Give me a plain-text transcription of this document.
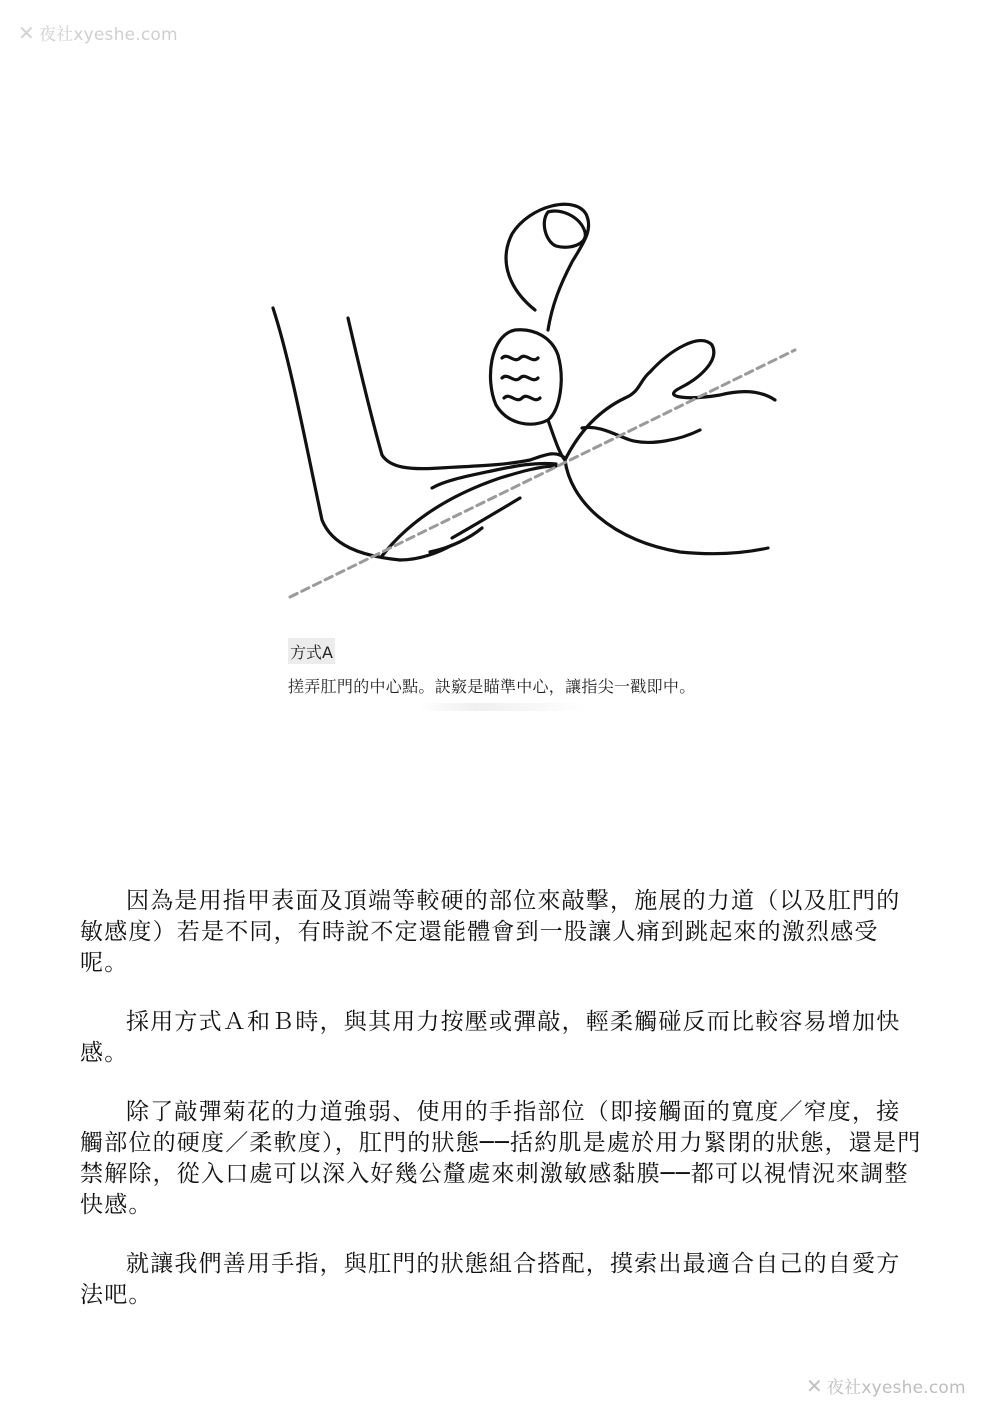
✕ 夜社xyeshe.com
方式A
搓弄肛門的中心點。訣竅是瞄準中心，讓指尖一戳即中。

因為是用指甲表面及頂端等較硬的部位來敲擊，施展的力道（以及肛門的敏感度）若是不同，有時說不定還能體會到一股讓人痛到跳起來的激烈感受呢。

採用方式Ａ和Ｂ時，與其用力按壓或彈敲，輕柔觸碰反而比較容易增加快感。

除了敲彈菊花的力道強弱、使用的手指部位（即接觸面的寬度／窄度，接觸部位的硬度／柔軟度），肛門的狀態──括約肌是處於用力緊閉的狀態，還是門禁解除，從入口處可以深入好幾公釐處來刺激敏感黏膜──都可以視情況來調整快感。

就讓我們善用手指，與肛門的狀態組合搭配，摸索出最適合自己的自愛方法吧。

✕ 夜社xyeshe.com
